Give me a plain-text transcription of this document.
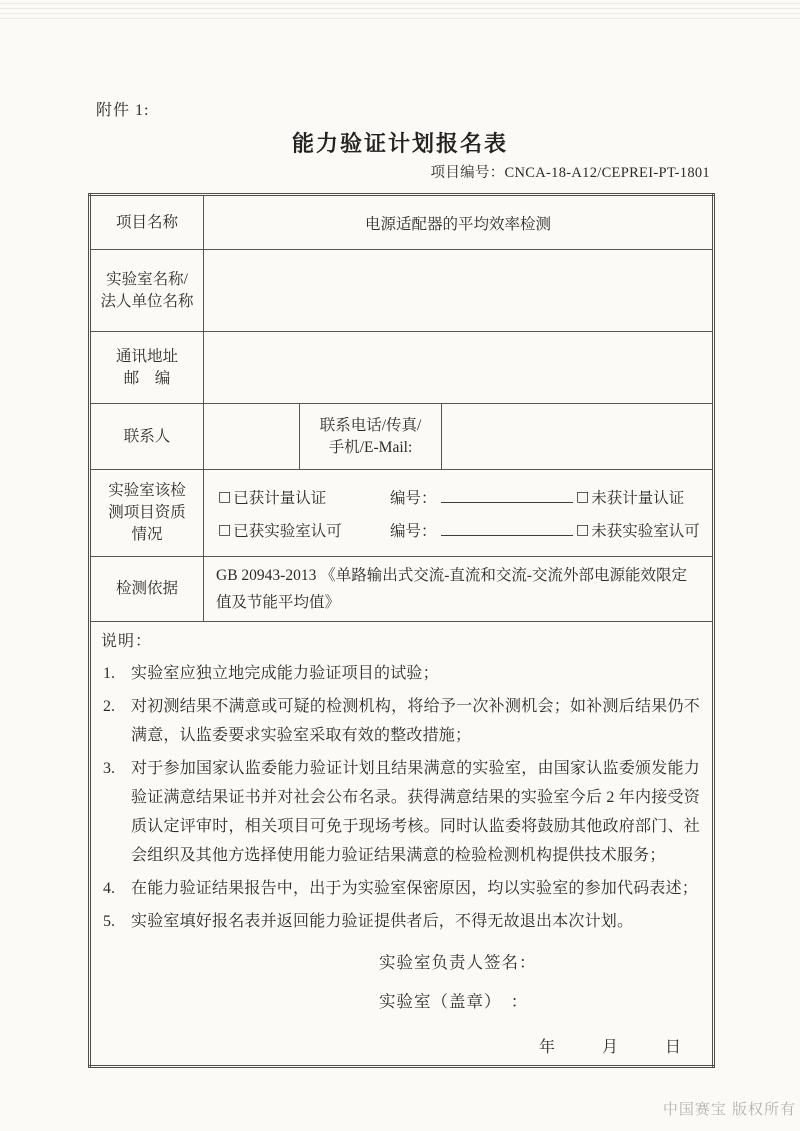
附件 1:
能力验证计划报名表
项目编号：CNCA-18-A12/CEPREI-PT-1801
项目名称	电源适配器的平均效率检测		

实验室名称/
法人单位名称			

通讯地址
邮　编			

联系人		联系电话/传真/
手机/E-Mail:	

实验室该检
测项目资质
情况

□ 已获计量认证	编号：	□ 未获计量认证
□ 已获实验室认可	编号：	□ 未获实验室认可

检测依据	GB 20943-2013 《单路输出式交流-直流和交流-交流外部电源能效限定值及节能平均值》		

说明：
1.	实验室应独立地完成能力验证项目的试验；
2.	对初测结果不满意或可疑的检测机构，将给予一次补测机会；如补测后结果仍不满意，认监委要求实验室采取有效的整改措施；
3.	对于参加国家认监委能力验证计划且结果满意的实验室，由国家认监委颁发能力验证满意结果证书并对社会公布名录。获得满意结果的实验室今后 2 年内接受资质认定评审时，相关项目可免于现场考核。同时认监委将鼓励其他政府部门、社会组织及其他方选择使用能力验证结果满意的检验检测机构提供技术服务；
4.	在能力验证结果报告中，出于为实验室保密原因，均以实验室的参加代码表述；
5.	实验室填好报名表并返回能力验证提供者后，不得无故退出本次计划。
实验室负责人签名：
实验室（盖章）　：
年	月	日
中国赛宝 版权所有
